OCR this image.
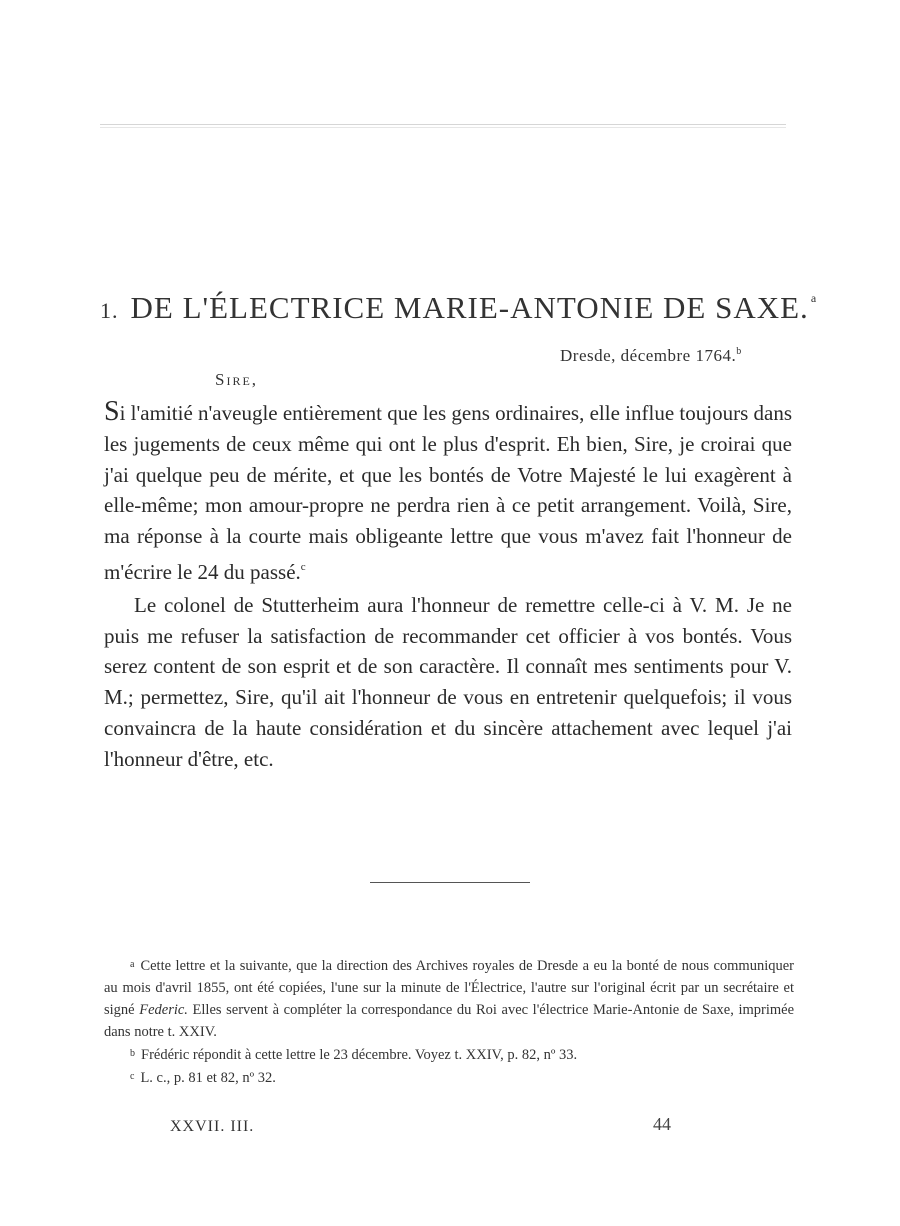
1. DE L'ÉLECTRICE MARIE-ANTONIE DE SAXE. $^a$
Dresde, décembre 1764.$^b$
Sire,

Si l'amitié n'aveugle entièrement que les gens ordinaires, elle influe toujours dans les jugements de ceux même qui ont le plus d'esprit. Eh bien, Sire, je croirai que j'ai quelque peu de mérite, et que les bontés de Votre Majesté le lui exagèrent à elle-même; mon amour-propre ne perdra rien à ce petit arrangement. Voilà, Sire, ma réponse à la courte mais obligeante lettre que vous m'avez fait l'honneur de m'écrire le 24 du passé.$^c$

Le colonel de Stutterheim aura l'honneur de remettre celle-ci à V. M. Je ne puis me refuser la satisfaction de recommander cet officier à vos bontés. Vous serez content de son esprit et de son caractère. Il connaît mes sentiments pour V. M.; permettez, Sire, qu'il ait l'honneur de vous en entretenir quelquefois; il vous convaincra de la haute considération et du sincère attachement avec lequel j'ai l'honneur d'être, etc.

$^a$ Cette lettre et la suivante, que la direction des Archives royales de Dresde a eu la bonté de nous communiquer au mois d'avril 1855, ont été copiées, l'une sur la minute de l'Électrice, l'autre sur l'original écrit par un secrétaire et signé Federic. Elles servent à compléter la correspondance du Roi avec l'électrice Marie-Antonie de Saxe, imprimée dans notre t. XXIV.

$^b$ Frédéric répondit à cette lettre le 23 décembre. Voyez t. XXIV, p. 82, nº 33.

$^c$ L. c., p. 81 et 82, nº 32.

XXVII. III.	44
